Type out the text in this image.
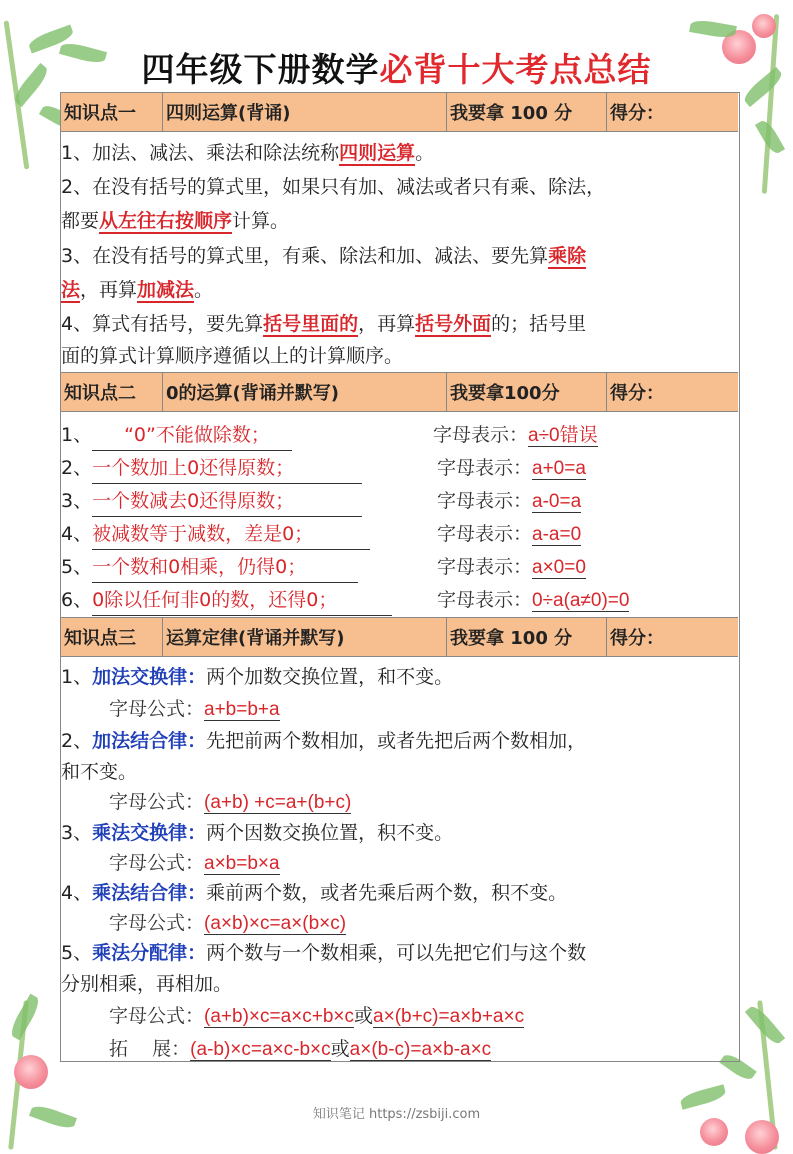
四年级下册数学必背十大考点总结
知识点一	四则运算(背诵)	我要拿 100 分	得分：
1、加法、减法、乘法和除法统称四则运算。
2、在没有括号的算式里，如果只有加、减法或者只有乘、除法，
都要从左往右按顺序计算。
3、在没有括号的算式里，有乘、除法和加、减法、要先算乘除
法，再算加减法。
4、算式有括号，要先算括号里面的，再算括号外面的；括号里
面的算式计算顺序遵循以上的计算顺序。
知识点二	0的运算(背诵并默写)	我要拿100分	得分：
1、 “0”不能做除数；	字母表示：a÷0错误
2、一个数加上0还得原数；	字母表示：a+0=a
3、一个数减去0还得原数；	字母表示：a-0=a
4、被减数等于减数，差是0；	字母表示：a-a=0
5、一个数和0相乘，仍得0；	字母表示：a×0=0
6、0除以任何非0的数，还得0；	字母表示：0÷a(a≠0)=0
知识点三	运算定律(背诵并默写)	我要拿 100 分	得分：
1、加法交换律：两个加数交换位置，和不变。
字母公式：a+b=b+a
2、加法结合律：先把前两个数相加，或者先把后两个数相加，
和不变。
字母公式：(a+b) +c=a+(b+c)
3、乘法交换律：两个因数交换位置，积不变。
字母公式：a×b=b×a
4、乘法结合律：乘前两个数，或者先乘后两个数，积不变。
字母公式：(a×b)×c=a×(b×c)
5、乘法分配律：两个数与一个数相乘，可以先把它们与这个数
分别相乘，再相加。
字母公式：(a+b)×c=a×c+b×c或a×(b+c)=a×b+a×c
拓    展：(a-b)×c=a×c-b×c或a×(b-c)=a×b-a×c
知识笔记 https://zsbiji.com
